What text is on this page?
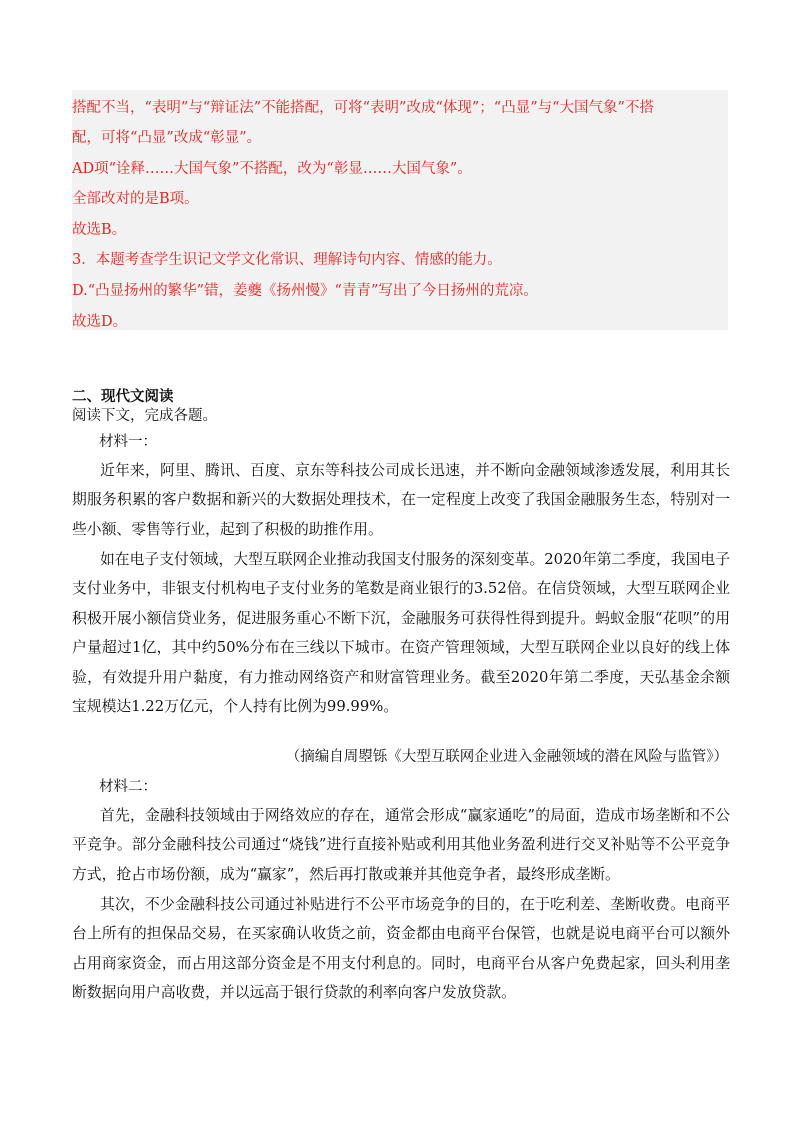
搭配不当，“表明”与“辩证法”不能搭配，可将“表明”改成“体现”；“凸显”与“大国气象”不搭
配，可将“凸显”改成“彰显”。
AD项“诠释……大国气象”不搭配，改为“彰显……大国气象”。
全部改对的是B项。
故选B。
3．本题考查学生识记文学文化常识、理解诗句内容、情感的能力。
D.“凸显扬州的繁华”错，姜夔《扬州慢》“青青”写出了今日扬州的荒凉。
故选D。
二、现代文阅读
阅读下文，完成各题。
材料一：

近年来，阿里、腾讯、百度、京东等科技公司成长迅速，并不断向金融领域渗透发展，利用其长期服务积累的客户数据和新兴的大数据处理技术，在一定程度上改变了我国金融服务生态，特别对一些小额、零售等行业，起到了积极的助推作用。

如在电子支付领域，大型互联网企业推动我国支付服务的深刻变革。2020年第二季度，我国电子支付业务中，非银支付机构电子支付业务的笔数是商业银行的3.52倍。在信贷领域，大型互联网企业积极开展小额信贷业务，促进服务重心不断下沉，金融服务可获得性得到提升。蚂蚁金服“花呗”的用户量超过1亿，其中约50%分布在三线以下城市。在资产管理领域，大型互联网企业以良好的线上体验，有效提升用户黏度，有力推动网络资产和财富管理业务。截至2020年第二季度，天弘基金余额宝规模达1.22万亿元，个人持有比例为99.99%。

（摘编自周曌铄《大型互联网企业进入金融领域的潜在风险与监管》）
材料二：

首先，金融科技领域由于网络效应的存在，通常会形成“赢家通吃”的局面，造成市场垄断和不公平竞争。部分金融科技公司通过“烧钱”进行直接补贴或利用其他业务盈利进行交叉补贴等不公平竞争方式，抢占市场份额，成为“赢家”，然后再打散或兼并其他竞争者，最终形成垄断。

其次，不少金融科技公司通过补贴进行不公平市场竞争的目的，在于吃利差、垄断收费。电商平台上所有的担保品交易，在买家确认收货之前，资金都由电商平台保管，也就是说电商平台可以额外占用商家资金，而占用这部分资金是不用支付利息的。同时，电商平台从客户免费起家，回头利用垄断数据向用户高收费，并以远高于银行贷款的利率向客户发放贷款。
